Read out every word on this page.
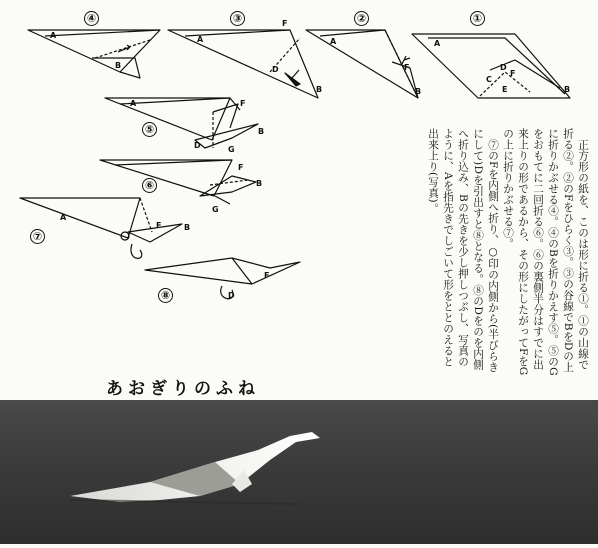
④	③	②	①
⑤
⑥
⑦
⑧
A
B
A
F
D
B
A
F
B
A
C
D
F
E	B
A	F
D	G
B
F
B
G
A
F	B
F
D	正方形の紙を、このは形に折る①。①の山線で折る②。②のFをひらく③。③の谷線でBをDの上に折りかぶせる④。④のBを折りかえす⑤。⑤のGをおもてに二回折る⑥。⑥の裏側半分はすでに出来上りの形であるから、その形にしたがってFをGの上に折りかぶせる⑦。

⑦のFを内側へ折り、○印の内側から(半びらきにして)Dを引出すと⑧となる。⑧のDをのを内側へ折り込み、Bの先きを少し押しつぶし、写真のように、Aを指先きでしごいて形をととのえると出来上り(写真)。

あおぎりのふね
